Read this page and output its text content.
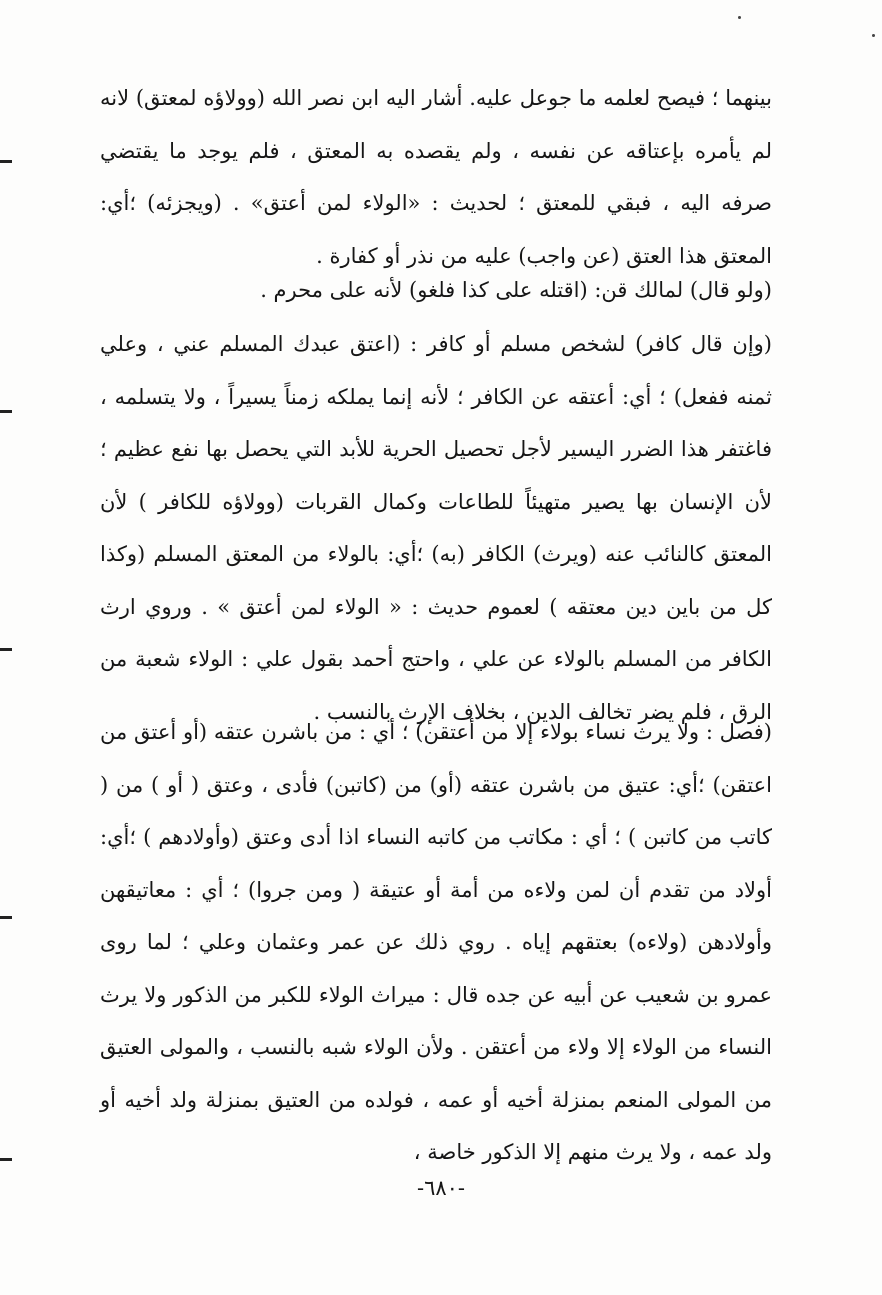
بينهما ؛ فيصح لعلمه ما جوعل عليه. أشار اليه ابن نصر الله (وولاؤه لمعتق) لانه لم يأمره بإعتاقه عن نفسه ، ولم يقصده به المعتق ، فلم يوجد ما يقتضي صرفه اليه ، فبقي للمعتق ؛ لحديث : «الولاء لمن أعتق» . (ويجزئه) ؛أي: المعتق هذا العتق (عن واجب) عليه من نذر أو كفارة .

(ولو قال) لمالك قن: (اقتله على كذا فلغو) لأنه على محرم .

(وإن قال كافر) لشخص مسلم أو كافر : (اعتق عبدك المسلم عني ، وعلي ثمنه ففعل) ؛ أي: أعتقه عن الكافر ؛ لأنه إنما يملكه زمناً يسيراً ، ولا يتسلمه ، فاغتفر هذا الضرر اليسير لأجل تحصيل الحرية للأبد التي يحصل بها نفع عظيم ؛ لأن الإنسان بها يصير متهيئاً للطاعات وكمال القربات (وولاؤه للكافر ) لأن المعتق كالنائب عنه (ويرث) الكافر (به) ؛أي: بالولاء من المعتق المسلم (وكذا كل من باين دين معتقه ) لعموم حديث : « الولاء لمن أعتق » . وروي ارث الكافر من المسلم بالولاء عن علي ، واحتج أحمد بقول علي : الولاء شعبة من الرق ، فلم يضر تخالف الدين ، بخلاف الإرث بالنسب .

(فصل : ولا يرث نساء بولاء إلا من أعتقن) ؛ أي : من باشرن عتقه (أو أعتق من اعتقن) ؛أي: عتيق من باشرن عتقه (أو) من (كاتبن) فأدى ، وعتق ( أو ) من ( كاتب من كاتبن ) ؛ أي : مكاتب من كاتبه النساء اذا أدى وعتق (وأولادهم ) ؛أي: أولاد من تقدم أن لمن ولاءه من أمة أو عتيقة ( ومن جروا) ؛ أي : معاتيقهن وأولادهن (ولاءه) بعتقهم إياه . روي ذلك عن عمر وعثمان وعلي ؛ لما روى عمرو بن شعيب عن أبيه عن جده قال : ميراث الولاء للكبر من الذكور ولا يرث النساء من الولاء إلا ولاء من أعتقن . ولأن الولاء شبه بالنسب ، والمولى العتيق من المولى المنعم بمنزلة أخيه أو عمه ، فولده من العتيق بمنزلة ولد أخيه أو ولد عمه ، ولا يرث منهم إلا الذكور خاصة ،

-٦٨٠-
